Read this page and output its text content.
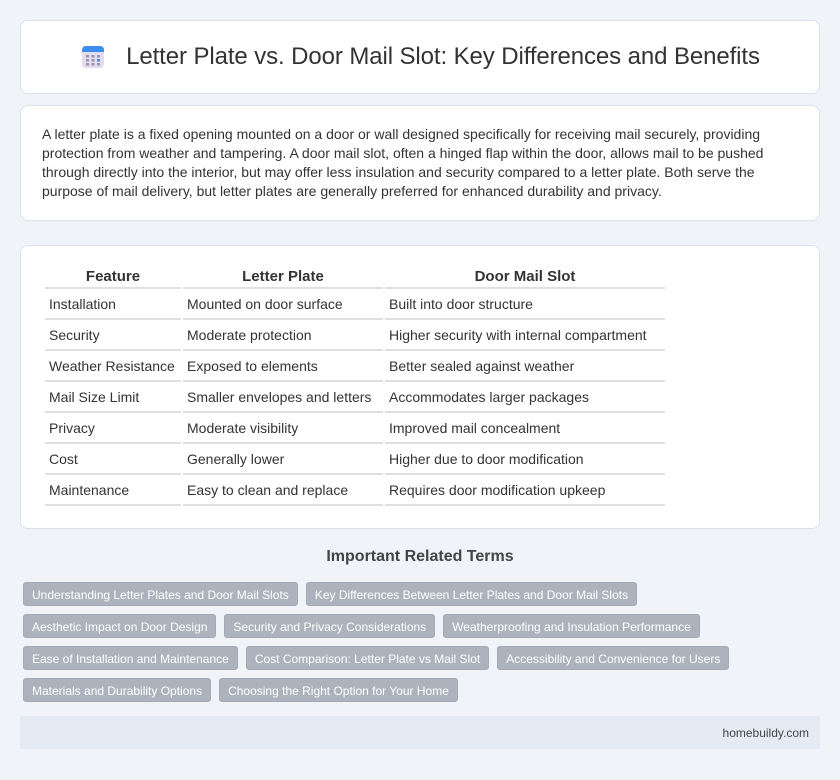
Letter Plate vs. Door Mail Slot: Key Differences and Benefits

A letter plate is a fixed opening mounted on a door or wall designed specifically for receiving mail securely, providing protection from weather and tampering. A door mail slot, often a hinged flap within the door, allows mail to be pushed through directly into the interior, but may offer less insulation and security compared to a letter plate. Both serve the purpose of mail delivery, but letter plates are generally preferred for enhanced durability and privacy.

Feature	Letter Plate	Door Mail Slot
Installation	Mounted on door surface	Built into door structure
Security	Moderate protection	Higher security with internal compartment
Weather Resistance	Exposed to elements	Better sealed against weather
Mail Size Limit	Smaller envelopes and letters	Accommodates larger packages
Privacy	Moderate visibility	Improved mail concealment
Cost	Generally lower	Higher due to door modification
Maintenance	Easy to clean and replace	Requires door modification upkeep
Important Related Terms
Understanding Letter Plates and Door Mail Slots	Key Differences Between Letter Plates and Door Mail Slots
Aesthetic Impact on Door Design	Security and Privacy Considerations	Weatherproofing and Insulation Performance
Ease of Installation and Maintenance	Cost Comparison: Letter Plate vs Mail Slot	Accessibility and Convenience for Users
Materials and Durability Options	Choosing the Right Option for Your Home
homebuildy.com
